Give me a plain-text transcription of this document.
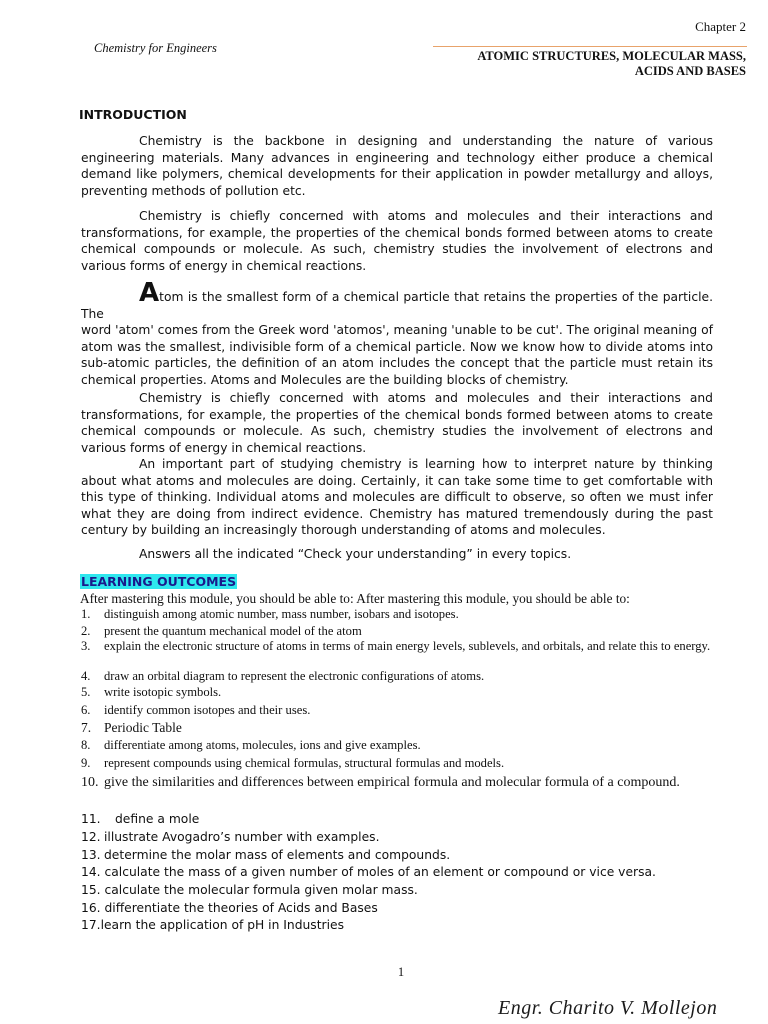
Chapter 2
Chemistry for Engineers
ATOMIC STRUCTURES, MOLECULAR MASS,
ACIDS AND BASES
INTRODUCTION
Chemistry is the backbone in designing and understanding the nature of various engineering materials. Many advances in engineering and technology either produce a chemical demand like polymers, chemical developments for their application in powder metallurgy and alloys, preventing methods of pollution etc.
Chemistry is chiefly concerned with atoms and molecules and their interactions and transformations, for example, the properties of the chemical bonds formed between atoms to create chemical compounds or molecule. As such, chemistry studies the involvement of electrons and various forms of energy in chemical reactions.
Atom is the smallest form of a chemical particle that retains the properties of the particle. The
word 'atom' comes from the Greek word 'atomos', meaning 'unable to be cut'. The original meaning of atom was the smallest, indivisible form of a chemical particle. Now we know how to divide atoms into sub-atomic particles, the definition of an atom includes the concept that the particle must retain its chemical properties. Atoms and Molecules are the building blocks of chemistry.
Chemistry is chiefly concerned with atoms and molecules and their interactions and transformations, for example, the properties of the chemical bonds formed between atoms to create chemical compounds or molecule. As such, chemistry studies the involvement of electrons and various forms of energy in chemical reactions.
An important part of studying chemistry is learning how to interpret nature by thinking about what atoms and molecules are doing. Certainly, it can take some time to get comfortable with this type of thinking. Individual atoms and molecules are difficult to observe, so often we must infer what they are doing from indirect evidence. Chemistry has matured tremendously during the past century by building an increasingly thorough understanding of atoms and molecules.
Answers all the indicated “Check your understanding” in every topics.
LEARNING OUTCOMES
After mastering this module, you should be able to: After mastering this module, you should be able to:
1. distinguish among atomic number, mass number, isobars and isotopes.
2. present the quantum mechanical model of the atom
3. explain the electronic structure of atoms in terms of main energy levels, sublevels, and orbitals, and relate this to energy.
4. draw an orbital diagram to represent the electronic configurations of atoms.
5. write isotopic symbols.
6. identify common isotopes and their uses.
7. Periodic Table
8. differentiate among atoms, molecules, ions and give examples.
9. represent compounds using chemical formulas, structural formulas and models.
10. give the similarities and differences between empirical formula and molecular formula of a compound.
11. define a mole
12. illustrate Avogadro’s number with examples.
13. determine the molar mass of elements and compounds.
14. calculate the mass of a given number of moles of an element or compound or vice versa.
15. calculate the molecular formula given molar mass.
16. differentiate the theories of Acids and Bases
17.learn the application of pH in Industries
1
Engr. Charito V. Mollejon
